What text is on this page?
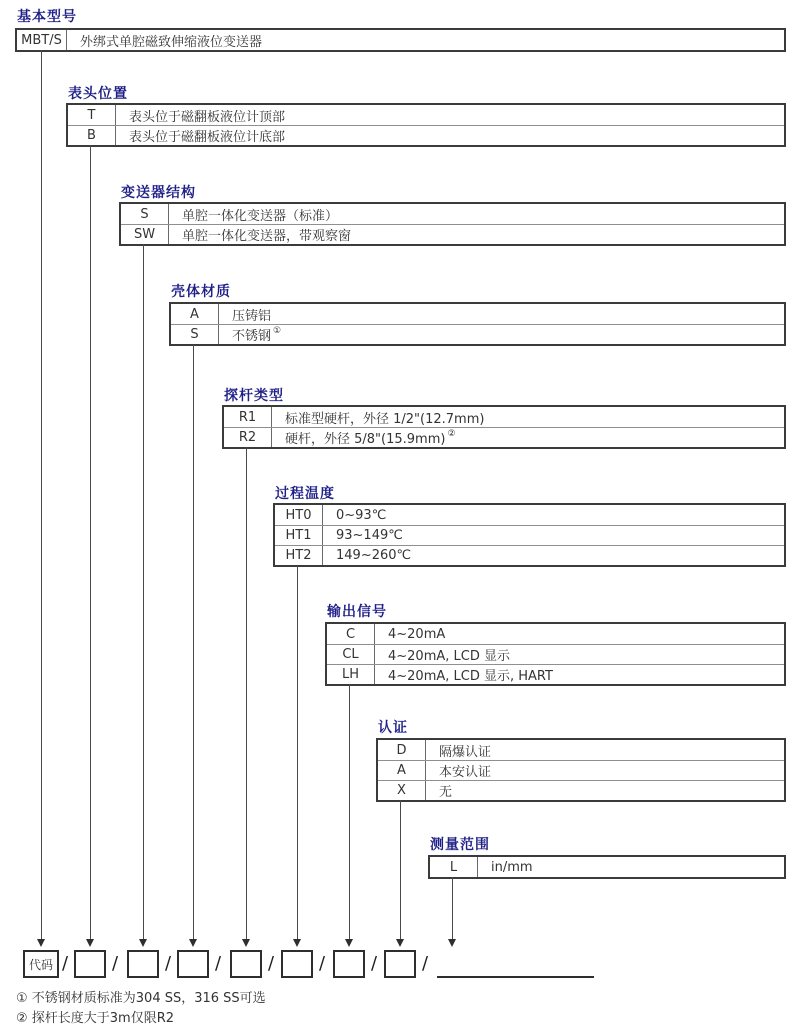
基本型号
MBT/S	外绑式单腔磁致伸缩液位变送器
表头位置
T	表头位于磁翻板液位计顶部
B	表头位于磁翻板液位计底部
变送器结构
S	单腔一体化变送器（标准）
SW	单腔一体化变送器，带观察窗
壳体材质
A	压铸铝
S	不锈钢 ①
探杆类型
R1	标准型硬杆，外径 1/2"(12.7mm)
R2	硬杆，外径 5/8"(15.9mm) ②
过程温度
HT0	0~93℃
HT1	93~149℃
HT2	149~260℃
输出信号
C	4~20mA
CL	4~20mA, LCD 显示
LH	4~20mA, LCD 显示, HART
认证
D	隔爆认证
A	本安认证
X	无
测量范围
L	in/mm
代码 / /	/ /	/ /	/ /
① 不锈钢材质标准为304 SS，316 SS可选
② 探杆长度大于3m仅限R2
